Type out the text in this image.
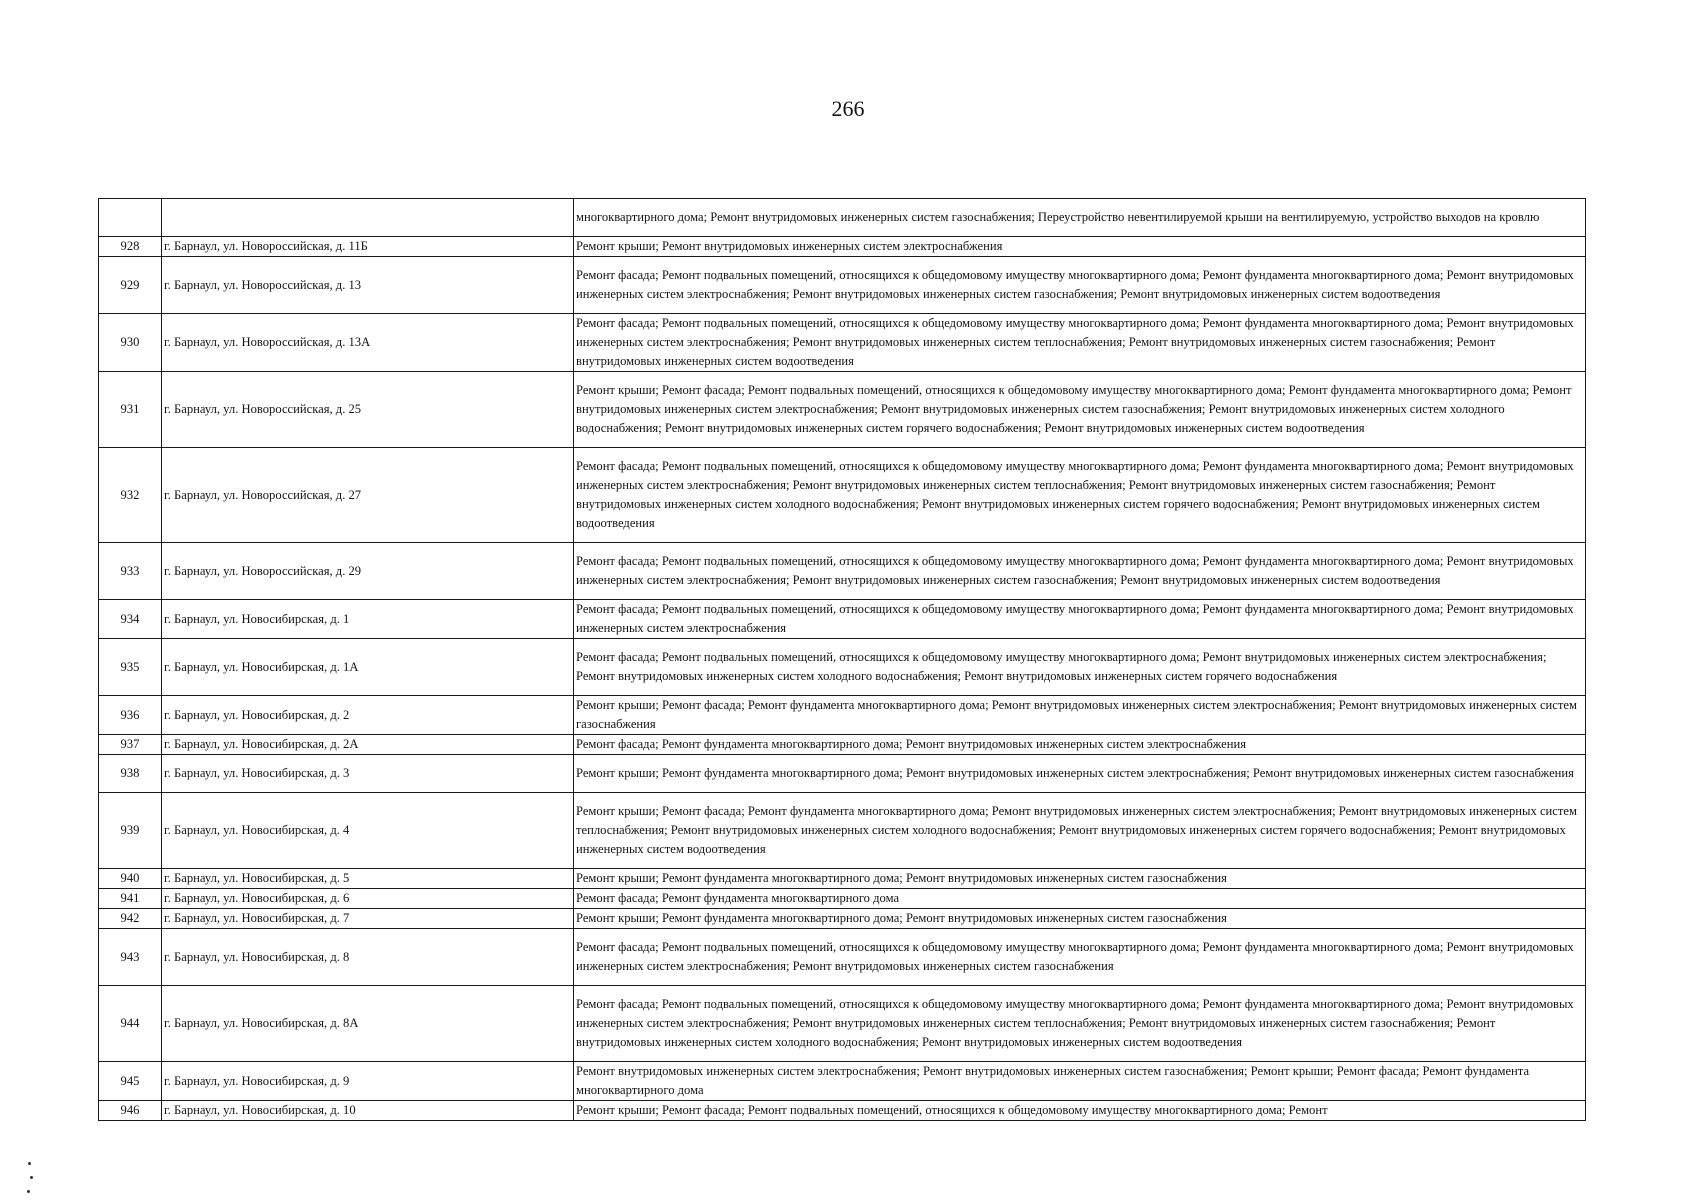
266
		многоквартирного дома; Ремонт внутридомовых инженерных систем газоснабжения; Переустройство невентилируемой крыши на вентилируемую, устройство выходов на кровлю
928	г. Барнаул, ул. Новороссийская, д. 11Б	Ремонт крыши; Ремонт внутридомовых инженерных систем электроснабжения
929	г. Барнаул, ул. Новороссийская, д. 13	Ремонт фасада; Ремонт подвальных помещений, относящихся к общедомовому имуществу многоквартирного дома; Ремонт фундамента многоквартирного дома; Ремонт внутридомовых инженерных систем электроснабжения; Ремонт внутридомовых инженерных систем газоснабжения; Ремонт внутридомовых инженерных систем водоотведения
930	г. Барнаул, ул. Новороссийская, д. 13А	Ремонт фасада; Ремонт подвальных помещений, относящихся к общедомовому имуществу многоквартирного дома; Ремонт фундамента многоквартирного дома; Ремонт внутридомовых инженерных систем электроснабжения; Ремонт внутридомовых инженерных систем теплоснабжения; Ремонт внутридомовых инженерных систем газоснабжения; Ремонт внутридомовых инженерных систем водоотведения
931	г. Барнаул, ул. Новороссийская, д. 25	Ремонт крыши; Ремонт фасада; Ремонт подвальных помещений, относящихся к общедомовому имуществу многоквартирного дома; Ремонт фундамента многоквартирного дома; Ремонт внутридомовых инженерных систем электроснабжения; Ремонт внутридомовых инженерных систем газоснабжения; Ремонт внутридомовых инженерных систем холодного водоснабжения; Ремонт внутридомовых инженерных систем горячего водоснабжения; Ремонт внутридомовых инженерных систем водоотведения
932	г. Барнаул, ул. Новороссийская, д. 27	Ремонт фасада; Ремонт подвальных помещений, относящихся к общедомовому имуществу многоквартирного дома; Ремонт фундамента многоквартирного дома; Ремонт внутридомовых инженерных систем электроснабжения; Ремонт внутридомовых инженерных систем теплоснабжения; Ремонт внутридомовых инженерных систем газоснабжения; Ремонт внутридомовых инженерных систем холодного водоснабжения; Ремонт внутридомовых инженерных систем горячего водоснабжения; Ремонт внутридомовых инженерных систем водоотведения
933	г. Барнаул, ул. Новороссийская, д. 29	Ремонт фасада; Ремонт подвальных помещений, относящихся к общедомовому имуществу многоквартирного дома; Ремонт фундамента многоквартирного дома; Ремонт внутридомовых инженерных систем электроснабжения; Ремонт внутридомовых инженерных систем газоснабжения; Ремонт внутридомовых инженерных систем водоотведения
934	г. Барнаул, ул. Новосибирская, д. 1	Ремонт фасада; Ремонт подвальных помещений, относящихся к общедомовому имуществу многоквартирного дома; Ремонт фундамента многоквартирного дома; Ремонт внутридомовых инженерных систем электроснабжения
935	г. Барнаул, ул. Новосибирская, д. 1А	Ремонт фасада; Ремонт подвальных помещений, относящихся к общедомовому имуществу многоквартирного дома; Ремонт внутридомовых инженерных систем электроснабжения; Ремонт внутридомовых инженерных систем холодного водоснабжения; Ремонт внутридомовых инженерных систем горячего водоснабжения
936	г. Барнаул, ул. Новосибирская, д. 2	Ремонт крыши; Ремонт фасада; Ремонт фундамента многоквартирного дома; Ремонт внутридомовых инженерных систем электроснабжения; Ремонт внутридомовых инженерных систем газоснабжения
937	г. Барнаул, ул. Новосибирская, д. 2А	Ремонт фасада; Ремонт фундамента многоквартирного дома; Ремонт внутридомовых инженерных систем электроснабжения
938	г. Барнаул, ул. Новосибирская, д. 3	Ремонт крыши; Ремонт фундамента многоквартирного дома; Ремонт внутридомовых инженерных систем электроснабжения; Ремонт внутридомовых инженерных систем газоснабжения
939	г. Барнаул, ул. Новосибирская, д. 4	Ремонт крыши; Ремонт фасада; Ремонт фундамента многоквартирного дома; Ремонт внутридомовых инженерных систем электроснабжения; Ремонт внутридомовых инженерных систем теплоснабжения; Ремонт внутридомовых инженерных систем холодного водоснабжения; Ремонт внутридомовых инженерных систем горячего водоснабжения; Ремонт внутридомовых инженерных систем водоотведения
940	г. Барнаул, ул. Новосибирская, д. 5	Ремонт крыши; Ремонт фундамента многоквартирного дома; Ремонт внутридомовых инженерных систем газоснабжения
941	г. Барнаул, ул. Новосибирская, д. 6	Ремонт фасада; Ремонт фундамента многоквартирного дома
942	г. Барнаул, ул. Новосибирская, д. 7	Ремонт крыши; Ремонт фундамента многоквартирного дома; Ремонт внутридомовых инженерных систем газоснабжения
943	г. Барнаул, ул. Новосибирская, д. 8	Ремонт фасада; Ремонт подвальных помещений, относящихся к общедомовому имуществу многоквартирного дома; Ремонт фундамента многоквартирного дома; Ремонт внутридомовых инженерных систем электроснабжения; Ремонт внутридомовых инженерных систем газоснабжения
944	г. Барнаул, ул. Новосибирская, д. 8А	Ремонт фасада; Ремонт подвальных помещений, относящихся к общедомовому имуществу многоквартирного дома; Ремонт фундамента многоквартирного дома; Ремонт внутридомовых инженерных систем электроснабжения; Ремонт внутридомовых инженерных систем теплоснабжения; Ремонт внутридомовых инженерных систем газоснабжения; Ремонт внутридомовых инженерных систем холодного водоснабжения; Ремонт внутридомовых инженерных систем водоотведения
945	г. Барнаул, ул. Новосибирская, д. 9	Ремонт внутридомовых инженерных систем электроснабжения; Ремонт внутридомовых инженерных систем газоснабжения; Ремонт крыши; Ремонт фасада; Ремонт фундамента многоквартирного дома
946	г. Барнаул, ул. Новосибирская, д. 10	Ремонт крыши; Ремонт фасада; Ремонт подвальных помещений, относящихся к общедомовому имуществу многоквартирного дома; Ремонт
